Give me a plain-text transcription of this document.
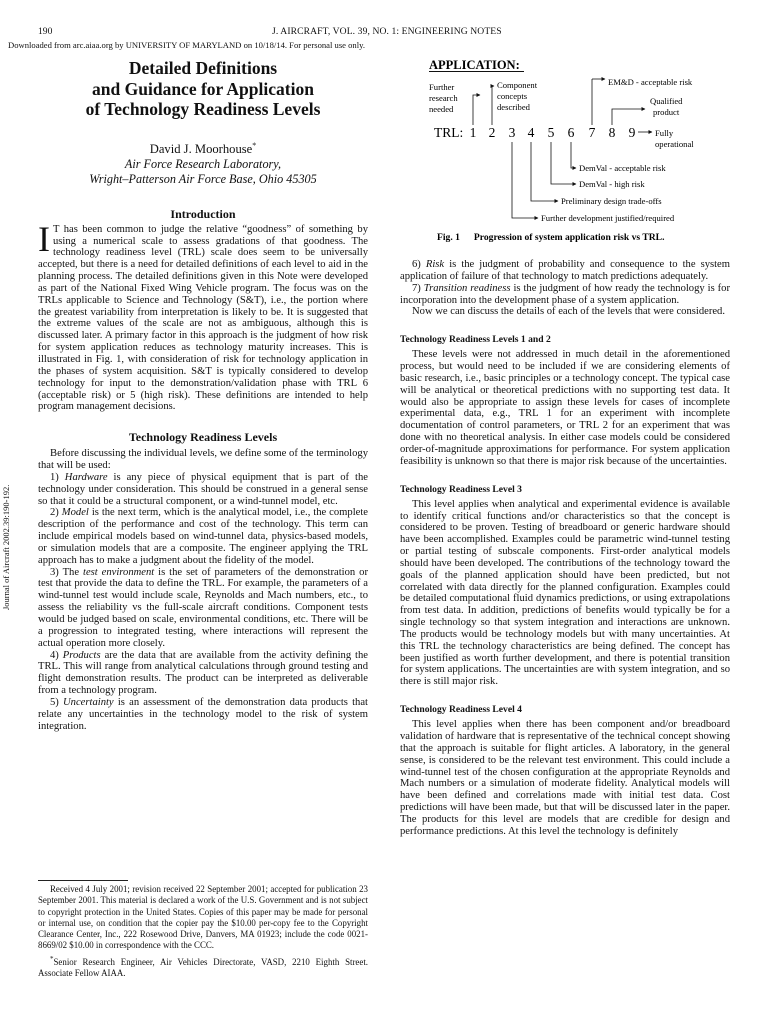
190	J. AIRCRAFT, VOL. 39, NO. 1: ENGINEERING NOTES
Downloaded from arc.aiaa.org by UNIVERSITY OF MARYLAND on 10/18/14. For personal use only.
Journal of Aircraft 2002.39:190-192.
Detailed Definitions
and Guidance for Application
of Technology Readiness Levels
David J. Moorhouse*
Air Force Research Laboratory,
Wright–Patterson Air Force Base, Ohio 45305
Introduction

I T has been common to judge the relative “goodness” of something by using a numerical scale to assess gradations of that goodness. The technology readiness level (TRL) scale does seem to be universally accepted, but there is a need for detailed definitions of each level to aid in the planning process. The detailed definitions given in this Note were developed as part of the National Fixed Wing Vehicle program. The focus was on the TRLs applicable to Science and Technology (S&T), i.e., the portion where the greatest variability from interpretation is likely to be. It is suggested that the extreme values of the scale are not as ambiguous, although this is discussed later. A primary factor in this approach is the judgment of how risk for system application reduces as technology maturity increases. This is illustrated in Fig. 1, with consideration of risk for technology application in the phases of system acquisition. S&T is typically considered to develop technology for input to the demonstration/validation phase with TRL 6 (acceptable risk) or 5 (high risk). These definitions are intended to help program management decisions.

Technology Readiness Levels

Before discussing the individual levels, we define some of the terminology that will be used:

1) Hardware is any piece of physical equipment that is part of the technology under consideration. This should be construed in a general sense so that it could be a structural component, or a wind-tunnel model, etc.

2) Model is the next term, which is the analytical model, i.e., the complete description of the performance and cost of the technology. This term can include empirical models based on wind-tunnel data, physics-based models, or simulation models that are a composite. The engineer applying the TRL approach has to make a judgment about the fidelity of the model.

3) The test environment is the set of parameters of the demonstration or test that provide the data to define the TRL. For example, the parameters of a wind-tunnel test would include scale, Reynolds and Mach numbers, etc., to assess the reliability vs the full-scale aircraft conditions. Component tests would be judged based on scale, environmental conditions, etc. There will be a progression to integrated testing, where interactions will represent the actual operation more closely.

4) Products are the data that are available from the activity defining the TRL. This will range from analytical calculations through ground testing and flight demonstration results. The product can be interpreted as deliverable from a technology program.

5) Uncertainty is an assessment of the demonstration data products that relate any uncertainties in the technology model to the risk of system integration.

Received 4 July 2001; revision received 22 September 2001; accepted for publication 23 September 2001. This material is declared a work of the U.S. Government and is not subject to copyright protection in the United States. Copies of this paper may be made for personal or internal use, on condition that the copier pay the $10.00 per-copy fee to the Copyright Clearance Center, Inc., 222 Rosewood Drive, Danvers, MA 01923; include the code 0021-8669/02 $10.00 in correspondence with the CCC.

*Senior Research Engineer, Air Vehicles Directorate, VASD, 2210 Eighth Street. Associate Fellow AIAA.

APPLICATION:
Further research needed
Component concepts described
EM&D - acceptable risk
Qualified product
TRL: 1 2 3 4 5 6 7 8 9 Fully operational
DemVal - acceptable risk
DemVal - high risk
Preliminary design trade-offs
Further development justified/required
Fig. 1 Progression of system application risk vs TRL.

6) Risk is the judgment of probability and consequence to the system application of failure of that technology to match predictions adequately.

7) Transition readiness is the judgment of how ready the technology is for incorporation into the development phase of a system application.

Now we can discuss the details of each of the levels that were considered.

Technology Readiness Levels 1 and 2

These levels were not addressed in much detail in the aforementioned process, but would need to be included if we are considering elements of basic research, i.e., basic principles or a technology concept. The typical case will be analytical or theoretical predictions with no supporting test data. It would also be appropriate to assign these levels for cases of incomplete experimental data, e.g., TRL 1 for an experiment with incomplete documentation of control parameters, or TRL 2 for an experiment that was done with no theoretical analysis. In either case models could be considered order-of-magnitude approximations for performance. For system application feasibility is unknown so that there is major risk because of the uncertainties.

Technology Readiness Level 3

This level applies when analytical and experimental evidence is available to identify critical functions and/or characteristics so that the concept is considered to be proven. Testing of breadboard or generic hardware should have been accomplished. Examples could be parametric wind-tunnel testing or partial testing of subscale components. First-order analytical models should have been developed. The contributions of the technology toward the goals of the planned application should have been predicted, but not correlated with data directly for the planned configuration. Examples could be detailed computational fluid dynamics predictions, or using extrapolations from test data. In addition, predictions of benefits would typically be for a single technology so that system integration and interactions are unknown. The products would be technology models but with many uncertainties. At this TRL the technology characteristics are being defined. The concept has been justified as worth further development, and there is potential transition for system applications. The uncertainties are with system integration, and so there is still major risk.

Technology Readiness Level 4

This level applies when there has been component and/or breadboard validation of hardware that is representative of the technical concept showing that the approach is suitable for flight articles. A laboratory, in the general sense, is considered to be the relevant test environment. This could include a wind-tunnel test of the chosen configuration at the appropriate Reynolds and Mach numbers or a simulation of moderate fidelity. Analytical models will have been defined and correlations made with initial test data. Cost predictions will have been made, but that will be discussed later in the paper. The products for this level are models that are credible for design and performance predictions. At this level the technology is definitely
